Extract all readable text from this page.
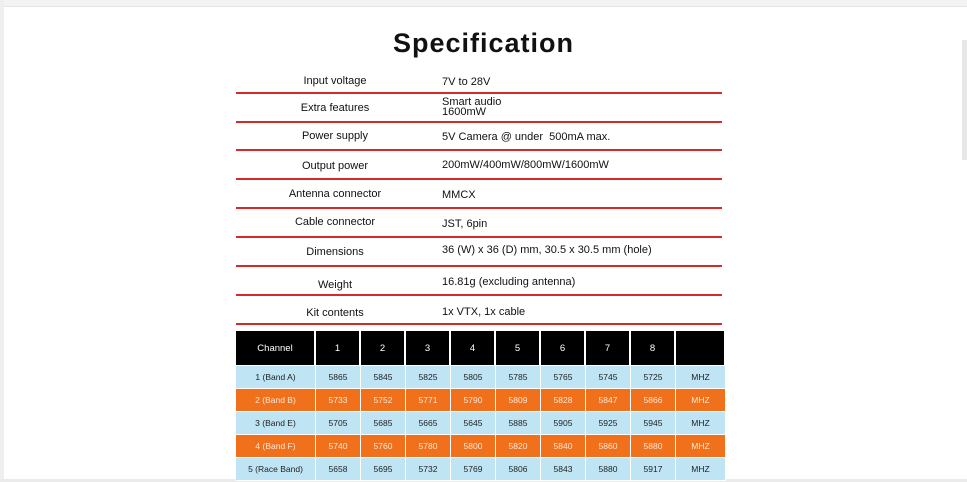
Specification
Input voltage	7V to 28V
Extra features	Smart audio
1600mW
Power supply	5V Camera @ under  500mA max.
Output power	200mW/400mW/800mW/1600mW
Antenna connector	MMCX
Cable connector	JST, 6pin
Dimensions	36 (W) x 36 (D) mm, 30.5 x 30.5 mm (hole)
Weight	16.81g (excluding antenna)
Kit contents	1x VTX, 1x cable
Channel	1	2	3	4	5	6	7	8	
1 (Band A)	5865	5845	5825	5805	5785	5765	5745	5725	MHZ
2 (Band B)	5733	5752	5771	5790	5809	5828	5847	5866	MHZ
3 (Band E)	5705	5685	5665	5645	5885	5905	5925	5945	MHZ
4 (Band F)	5740	5760	5780	5800	5820	5840	5860	5880	MHZ
5 (Race Band)	5658	5695	5732	5769	5806	5843	5880	5917	MHZ
